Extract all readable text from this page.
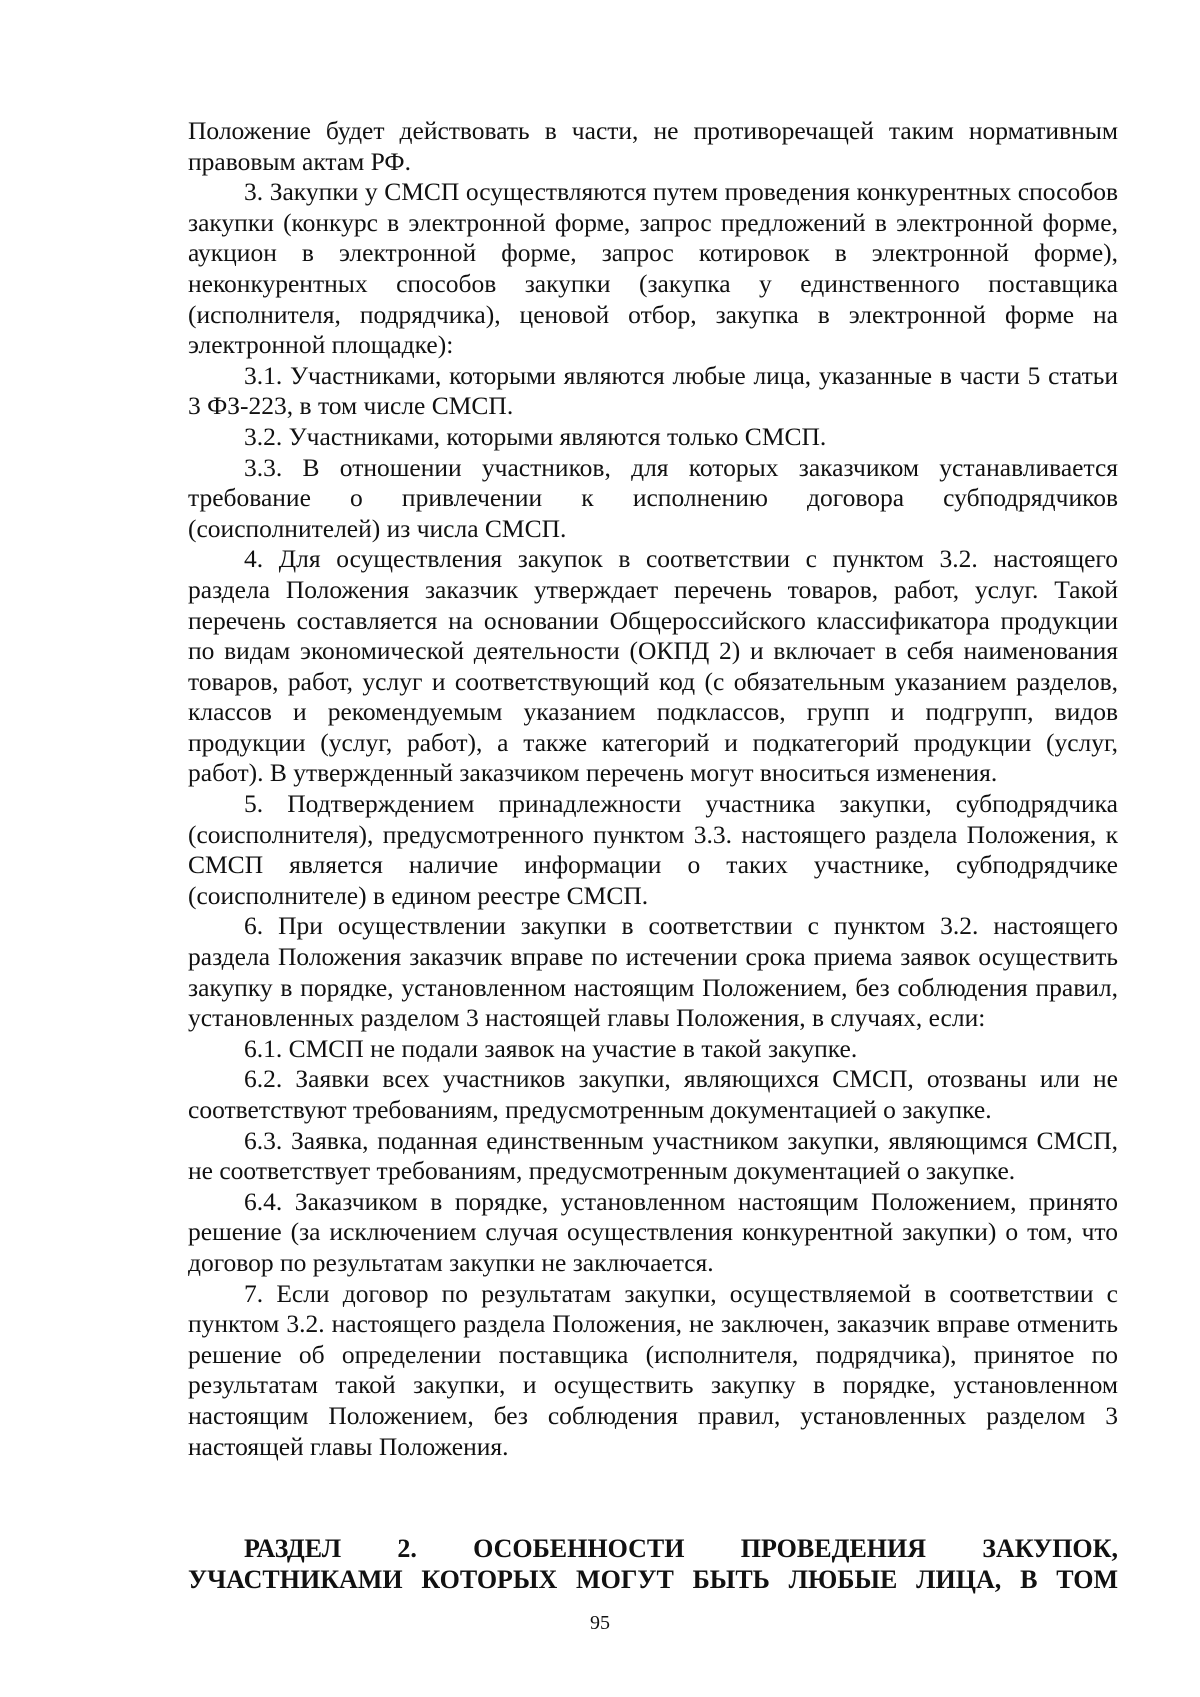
Положение будет действовать в части, не противоречащей таким нормативным правовым актам РФ.

3. Закупки у СМСП осуществляются путем проведения конкурентных способов закупки (конкурс в электронной форме, запрос предложений в электронной форме, аукцион в электронной форме, запрос котировок в электронной форме), неконкурентных способов закупки (закупка у единственного поставщика (исполнителя, подрядчика), ценовой отбор, закупка в электронной форме на электронной площадке):

3.1. Участниками, которыми являются любые лица, указанные в части 5 статьи 3 ФЗ-223, в том числе СМСП.

3.2. Участниками, которыми являются только СМСП.

3.3. В отношении участников, для которых заказчиком устанавливается требование о привлечении к исполнению договора субподрядчиков (соисполнителей) из числа СМСП.

4. Для осуществления закупок в соответствии с пунктом 3.2. настоящего раздела Положения заказчик утверждает перечень товаров, работ, услуг. Такой перечень составляется на основании Общероссийского классификатора продукции по видам экономической деятельности (ОКПД 2) и включает в себя наименования товаров, работ, услуг и соответствующий код (с обязательным указанием разделов, классов и рекомендуемым указанием подклассов, групп и подгрупп, видов продукции (услуг, работ), а также категорий и подкатегорий продукции (услуг, работ). В утвержденный заказчиком перечень могут вноситься изменения.

5. Подтверждением принадлежности участника закупки, субподрядчика (соисполнителя), предусмотренного пунктом 3.3. настоящего раздела Положения, к СМСП является наличие информации о таких участнике, субподрядчике (соисполнителе) в едином реестре СМСП.

6. При осуществлении закупки в соответствии с пунктом 3.2. настоящего раздела Положения заказчик вправе по истечении срока приема заявок осуществить закупку в порядке, установленном настоящим Положением, без соблюдения правил, установленных разделом 3 настоящей главы Положения, в случаях, если:

6.1. СМСП не подали заявок на участие в такой закупке.

6.2. Заявки всех участников закупки, являющихся СМСП, отозваны или не соответствуют требованиям, предусмотренным документацией о закупке.

6.3. Заявка, поданная единственным участником закупки, являющимся СМСП, не соответствует требованиям, предусмотренным документацией о закупке.

6.4. Заказчиком в порядке, установленном настоящим Положением, принято решение (за исключением случая осуществления конкурентной закупки) о том, что договор по результатам закупки не заключается.

7. Если договор по результатам закупки, осуществляемой в соответствии с пунктом 3.2. настоящего раздела Положения, не заключен, заказчик вправе отменить решение об определении поставщика (исполнителя, подрядчика), принятое по результатам такой закупки, и осуществить закупку в порядке, установленном настоящим Положением, без соблюдения правил, установленных разделом 3 настоящей главы Положения.

РАЗДЕЛ 2. ОСОБЕННОСТИ ПРОВЕДЕНИЯ ЗАКУПОК, УЧАСТНИКАМИ КОТОРЫХ МОГУТ БЫТЬ ЛЮБЫЕ ЛИЦА, В ТОМ

95
